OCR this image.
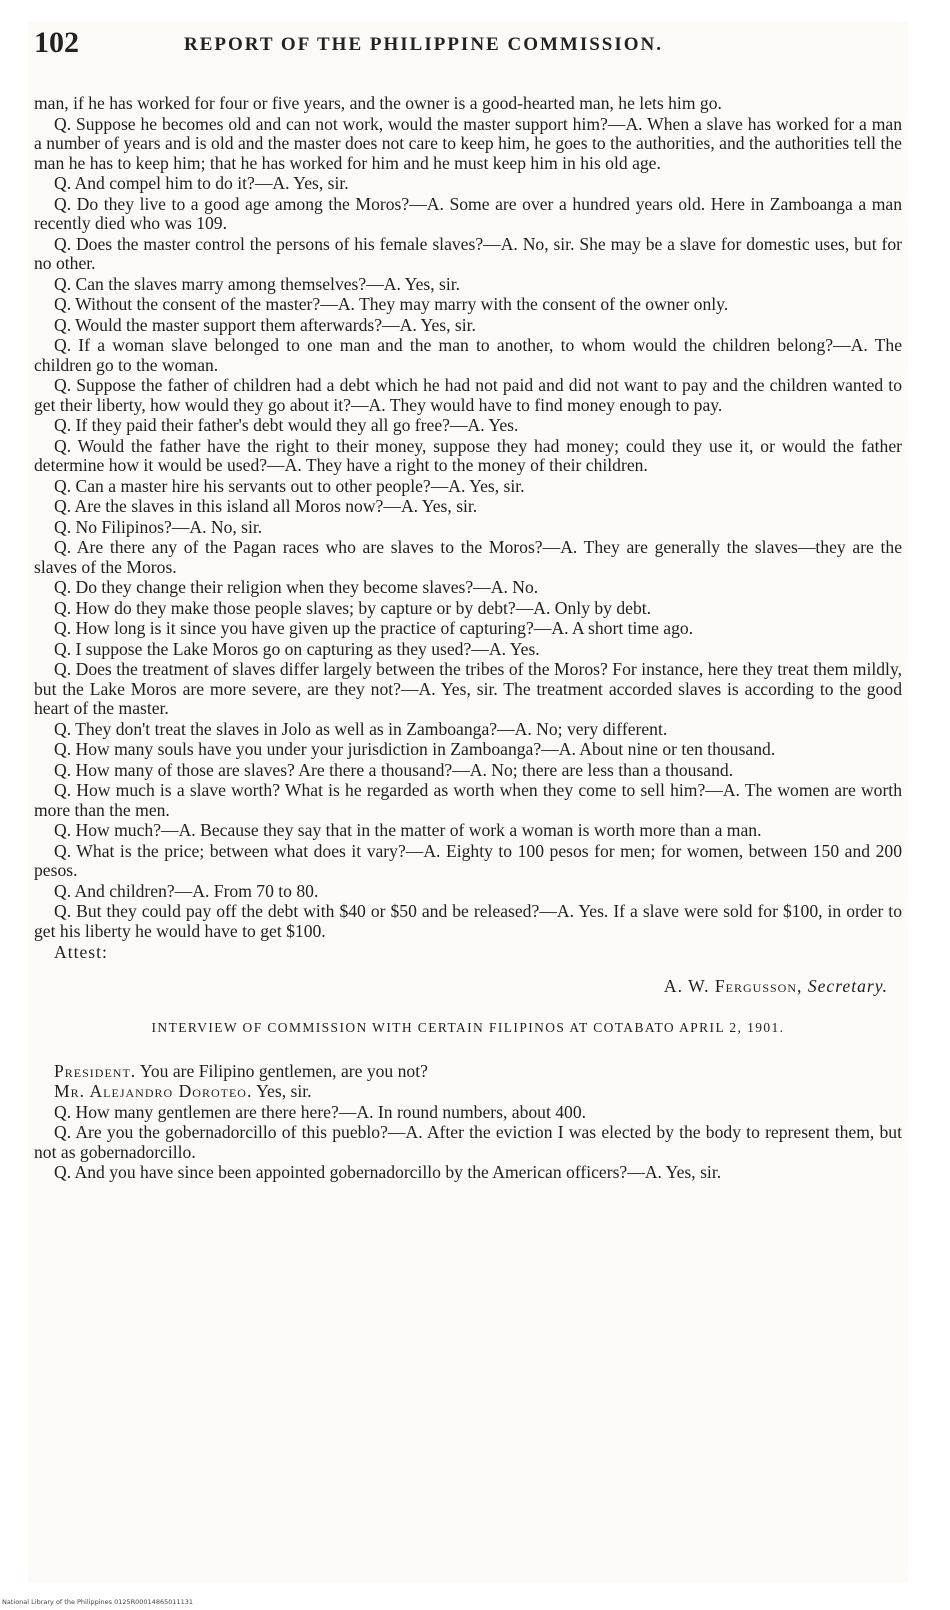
102	REPORT OF THE PHILIPPINE COMMISSION.

man, if he has worked for four or five years, and the owner is a good-hearted man, he lets him go.

Q. Suppose he becomes old and can not work, would the master support him?—A. When a slave has worked for a man a number of years and is old and the master does not care to keep him, he goes to the authorities, and the authorities tell the man he has to keep him; that he has worked for him and he must keep him in his old age.

Q. And compel him to do it?—A. Yes, sir.

Q. Do they live to a good age among the Moros?—A. Some are over a hundred years old. Here in Zamboanga a man recently died who was 109.

Q. Does the master control the persons of his female slaves?—A. No, sir. She may be a slave for domestic uses, but for no other.

Q. Can the slaves marry among themselves?—A. Yes, sir.

Q. Without the consent of the master?—A. They may marry with the consent of the owner only.

Q. Would the master support them afterwards?—A. Yes, sir.

Q. If a woman slave belonged to one man and the man to another, to whom would the children belong?—A. The children go to the woman.

Q. Suppose the father of children had a debt which he had not paid and did not want to pay and the children wanted to get their liberty, how would they go about it?—A. They would have to find money enough to pay.

Q. If they paid their father's debt would they all go free?—A. Yes.

Q. Would the father have the right to their money, suppose they had money; could they use it, or would the father determine how it would be used?—A. They have a right to the money of their children.

Q. Can a master hire his servants out to other people?—A. Yes, sir.

Q. Are the slaves in this island all Moros now?—A. Yes, sir.

Q. No Filipinos?—A. No, sir.

Q. Are there any of the Pagan races who are slaves to the Moros?—A. They are generally the slaves—they are the slaves of the Moros.

Q. Do they change their religion when they become slaves?—A. No.

Q. How do they make those people slaves; by capture or by debt?—A. Only by debt.

Q. How long is it since you have given up the practice of capturing?—A. A short time ago.

Q. I suppose the Lake Moros go on capturing as they used?—A. Yes.

Q. Does the treatment of slaves differ largely between the tribes of the Moros? For instance, here they treat them mildly, but the Lake Moros are more severe, are they not?—A. Yes, sir. The treatment accorded slaves is according to the good heart of the master.

Q. They don't treat the slaves in Jolo as well as in Zamboanga?—A. No; very different.

Q. How many souls have you under your jurisdiction in Zamboanga?—A. About nine or ten thousand.

Q. How many of those are slaves? Are there a thousand?—A. No; there are less than a thousand.

Q. How much is a slave worth? What is he regarded as worth when they come to sell him?—A. The women are worth more than the men.

Q. How much?—A. Because they say that in the matter of work a woman is worth more than a man.

Q. What is the price; between what does it vary?—A. Eighty to 100 pesos for men; for women, between 150 and 200 pesos.

Q. And children?—A. From 70 to 80.

Q. But they could pay off the debt with $40 or $50 and be released?—A. Yes. If a slave were sold for $100, in order to get his liberty he would have to get $100.

Attest:

A. W. Fergusson, Secretary.

INTERVIEW OF COMMISSION WITH CERTAIN FILIPINOS AT COTABATO APRIL 2, 1901.

President. You are Filipino gentlemen, are you not?

Mr. Alejandro Doroteo. Yes, sir.

Q. How many gentlemen are there here?—A. In round numbers, about 400.

Q. Are you the gobernadorcillo of this pueblo?—A. After the eviction I was elected by the body to represent them, but not as gobernadorcillo.

Q. And you have since been appointed gobernadorcillo by the American officers?—A. Yes, sir.

National Library of the Philippines 0125R00014865011131
